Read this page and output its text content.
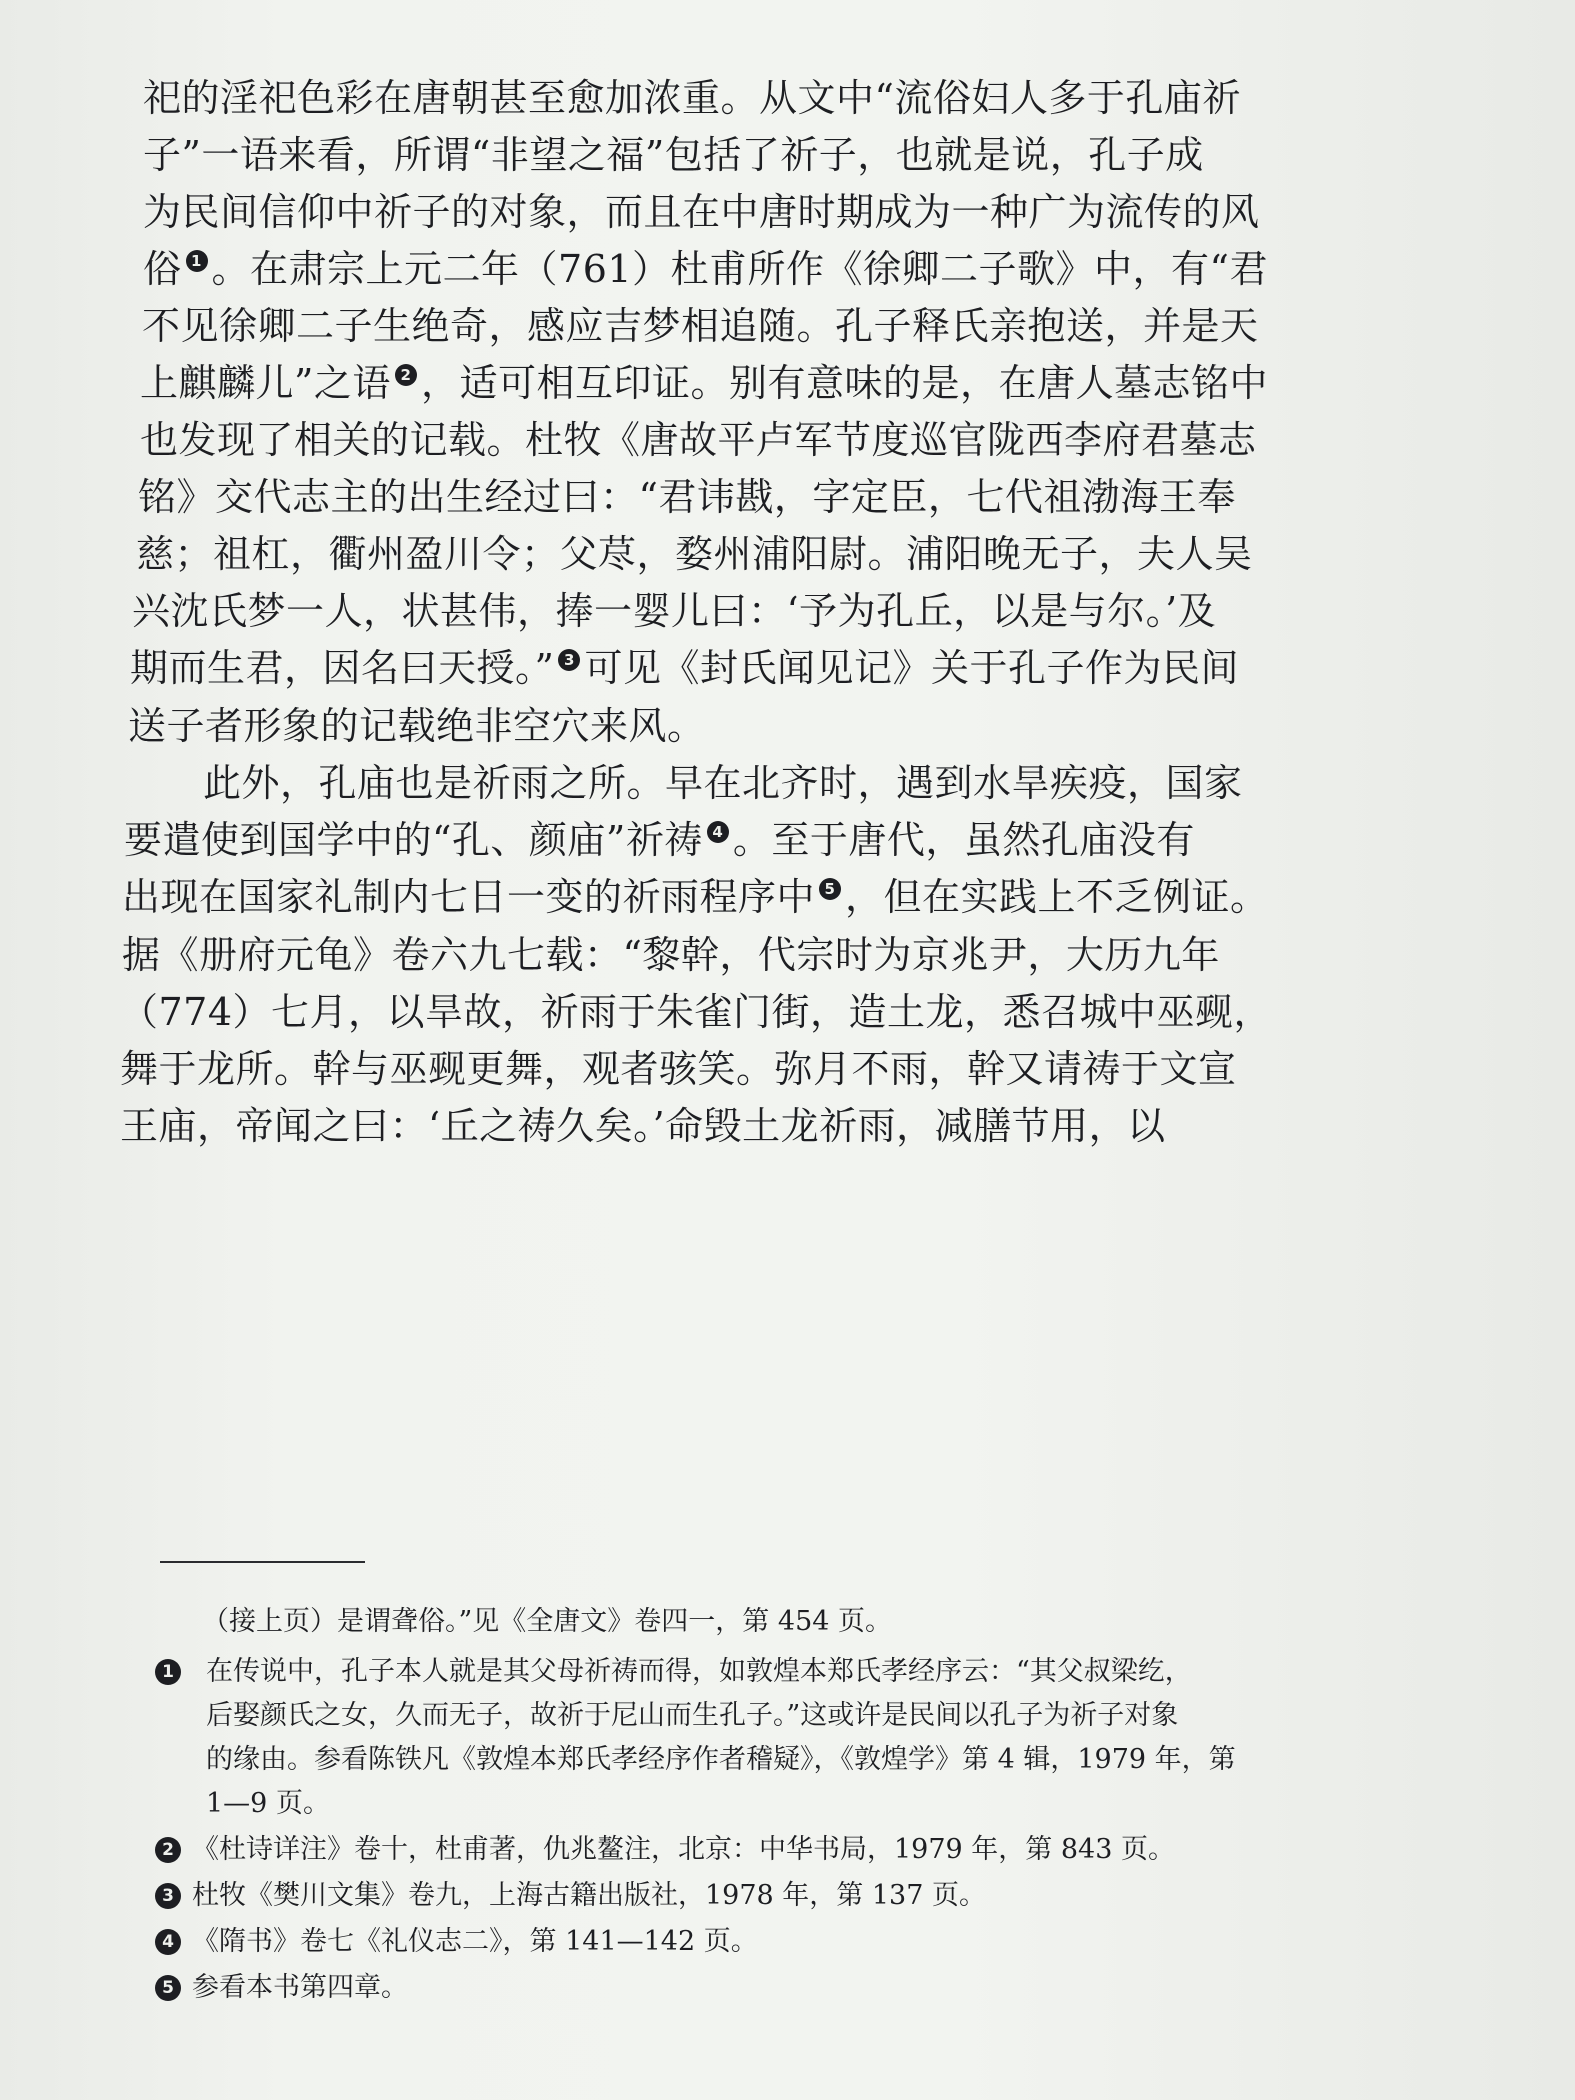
祀的淫祀色彩在唐朝甚至愈加浓重。从文中“流俗妇人多于孔庙祈
子”一语来看，所谓“非望之福”包括了祈子，也就是说，孔子成
为民间信仰中祈子的对象，而且在中唐时期成为一种广为流传的风
俗 1 。在肃宗上元二年（761）杜甫所作《徐卿二子歌》中，有“君
不见徐卿二子生绝奇，感应吉梦相追随。孔子释氏亲抱送，并是天
上麒麟儿”之语 2 ，适可相互印证。别有意味的是，在唐人墓志铭中
也发现了相关的记载。杜牧《唐故平卢军节度巡官陇西李府君墓志
铭》交代志主的出生经过曰：“君讳戡，字定臣，七代祖渤海王奉
慈；祖杠，衢州盈川令；父荩，婺州浦阳尉。浦阳晚无子，夫人吴
兴沈氏梦一人，状甚伟，捧一婴儿曰：‘予为孔丘，以是与尔。’及
期而生君，因名曰天授。” 3 可见《封氏闻见记》关于孔子作为民间
送子者形象的记载绝非空穴来风。
　　此外，孔庙也是祈雨之所。早在北齐时，遇到水旱疾疫，国家
要遣使到国学中的“孔、颜庙”祈祷 4 。至于唐代，虽然孔庙没有
出现在国家礼制内七日一变的祈雨程序中 5 ，但在实践上不乏例证。
据《册府元龟》卷六九七载：“黎幹，代宗时为京兆尹，大历九年
（774）七月，以旱故，祈雨于朱雀门街，造土龙，悉召城中巫觋，
舞于龙所。幹与巫觋更舞，观者骇笑。弥月不雨，幹又请祷于文宣
王庙，帝闻之曰：‘丘之祷久矣。’命毁土龙祈雨，减膳节用，以
（接上页）是谓聋俗。”见《全唐文》卷四一，第 454 页。
1 在传说中，孔子本人就是其父母祈祷而得，如敦煌本郑氏孝经序云：“其父叔梁纥，
后娶颜氏之女，久而无子，故祈于尼山而生孔子。”这或许是民间以孔子为祈子对象
的缘由。参看陈铁凡《敦煌本郑氏孝经序作者稽疑》，《敦煌学》第 4 辑，1979 年，第
1—9 页。
2 《杜诗详注》卷十，杜甫著，仇兆鳌注，北京：中华书局，1979 年，第 843 页。
3 杜牧《樊川文集》卷九，上海古籍出版社，1978 年，第 137 页。
4 《隋书》卷七《礼仪志二》，第 141—142 页。
5 参看本书第四章。
